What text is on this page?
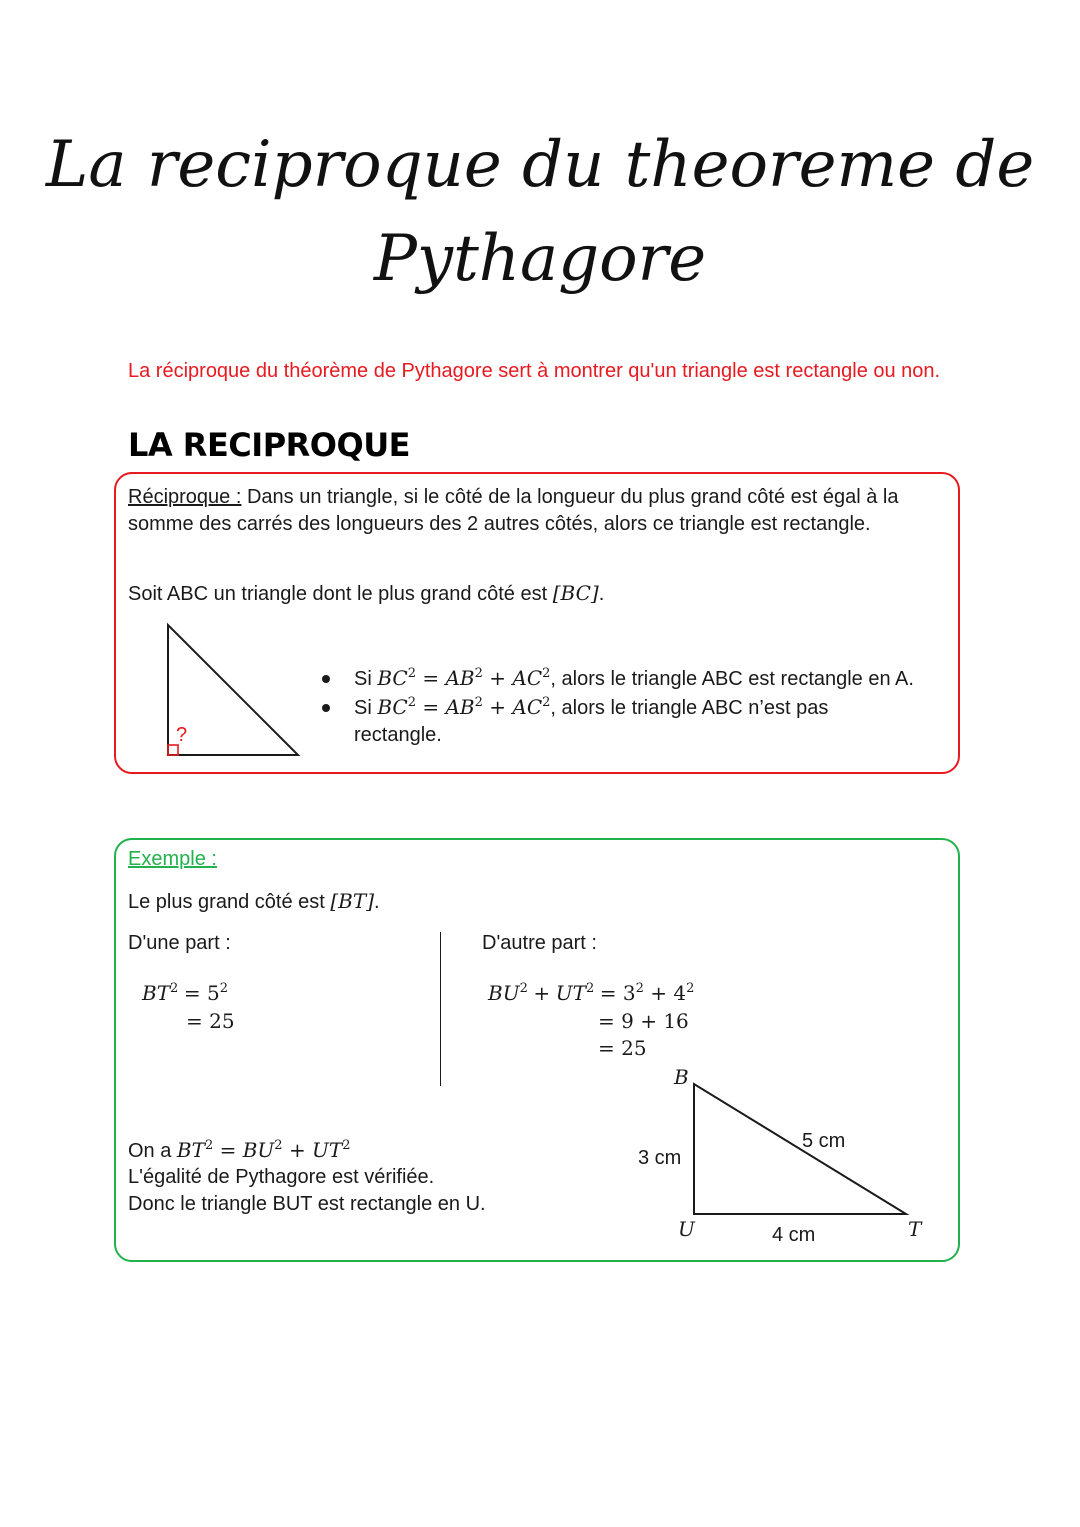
La reciproque du theoreme de
Pythagore
La réciproque du théorème de Pythagore sert à montrer qu'un triangle est rectangle ou non.
LA RECIPROQUE
Réciproque : Dans un triangle, si le côté de la longueur du plus grand côté est égal à la somme des carrés des longueurs des 2 autres côtés, alors ce triangle est rectangle.
Soit ABC un triangle dont le plus grand côté est [BC].
?
Si $BC^2 = AB^2 + AC^2$, alors le triangle ABC est rectangle en A.
Si $BC^2 = AB^2 + AC^2$, alors le triangle ABC n’est pas rectangle.
Exemple :
Le plus grand côté est [BT].
D'une part :	D'autre part :
$BT^2 = 5^2$
= 25
$BU^2 + UT^2 = 3^2 + 4^2$
= 9 + 16
= 25
On a $BT^2 = BU^2 + UT^2$
L'égalité de Pythagore est vérifiée.
Donc le triangle BUT est rectangle en U.
B
U	T
3 cm
4 cm
5 cm
